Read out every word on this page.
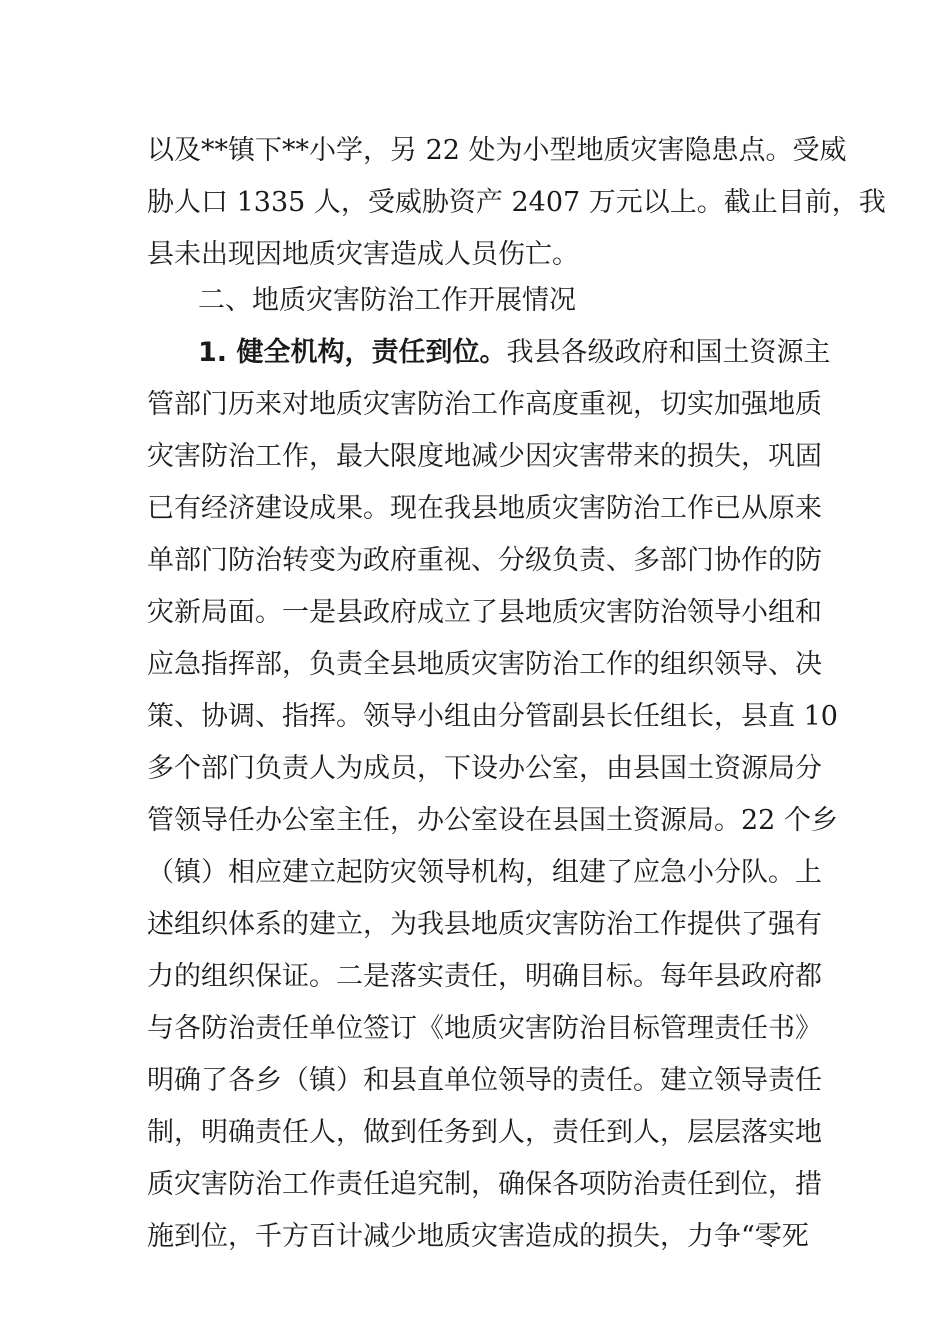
以及**镇下**小学，另 22 处为小型地质灾害隐患点。受威
胁人口 1335 人，受威胁资产 2407 万元以上。截止目前，我
县未出现因地质灾害造成人员伤亡。
二、地质灾害防治工作开展情况
1. 健全机构，责任到位。我县各级政府和国土资源主
管部门历来对地质灾害防治工作高度重视，切实加强地质
灾害防治工作，最大限度地减少因灾害带来的损失，巩固
已有经济建设成果。现在我县地质灾害防治工作已从原来
单部门防治转变为政府重视、分级负责、多部门协作的防
灾新局面。一是县政府成立了县地质灾害防治领导小组和
应急指挥部，负责全县地质灾害防治工作的组织领导、决
策、协调、指挥。领导小组由分管副县长任组长，县直 10
多个部门负责人为成员，下设办公室，由县国土资源局分
管领导任办公室主任，办公室设在县国土资源局。22 个乡
（镇）相应建立起防灾领导机构，组建了应急小分队。上
述组织体系的建立，为我县地质灾害防治工作提供了强有
力的组织保证。二是落实责任，明确目标。每年县政府都
与各防治责任单位签订《地质灾害防治目标管理责任书》
明确了各乡（镇）和县直单位领导的责任。建立领导责任
制，明确责任人，做到任务到人，责任到人，层层落实地
质灾害防治工作责任追究制，确保各项防治责任到位，措
施到位，千方百计减少地质灾害造成的损失，力争“零死
